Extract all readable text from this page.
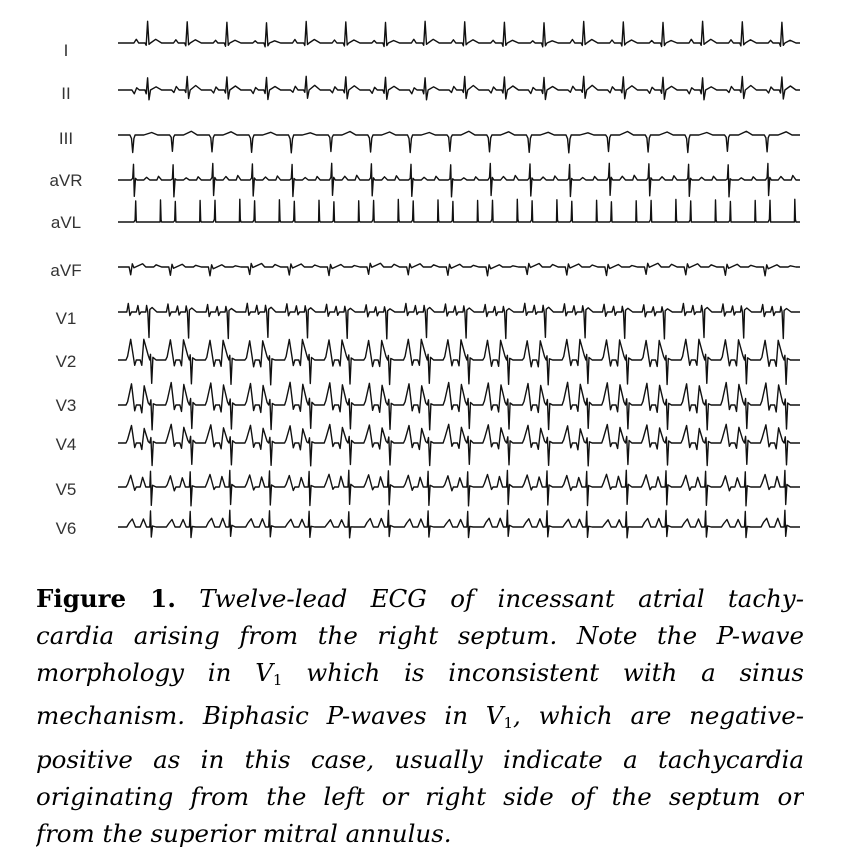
I
II
III
aVR
aVL
aVF
V1
V2
V3
V4
V5
V6
Figure 1. Twelve-lead ECG of incessant atrial tachy-
cardia arising from the right septum. Note the P-wave
morphology in $V_1$ which is inconsistent with a sinus
mechanism. Biphasic P-waves in $V_1$, which are negative-
positive as in this case, usually indicate a tachycardia
originating from the left or right side of the septum or
from the superior mitral annulus.
